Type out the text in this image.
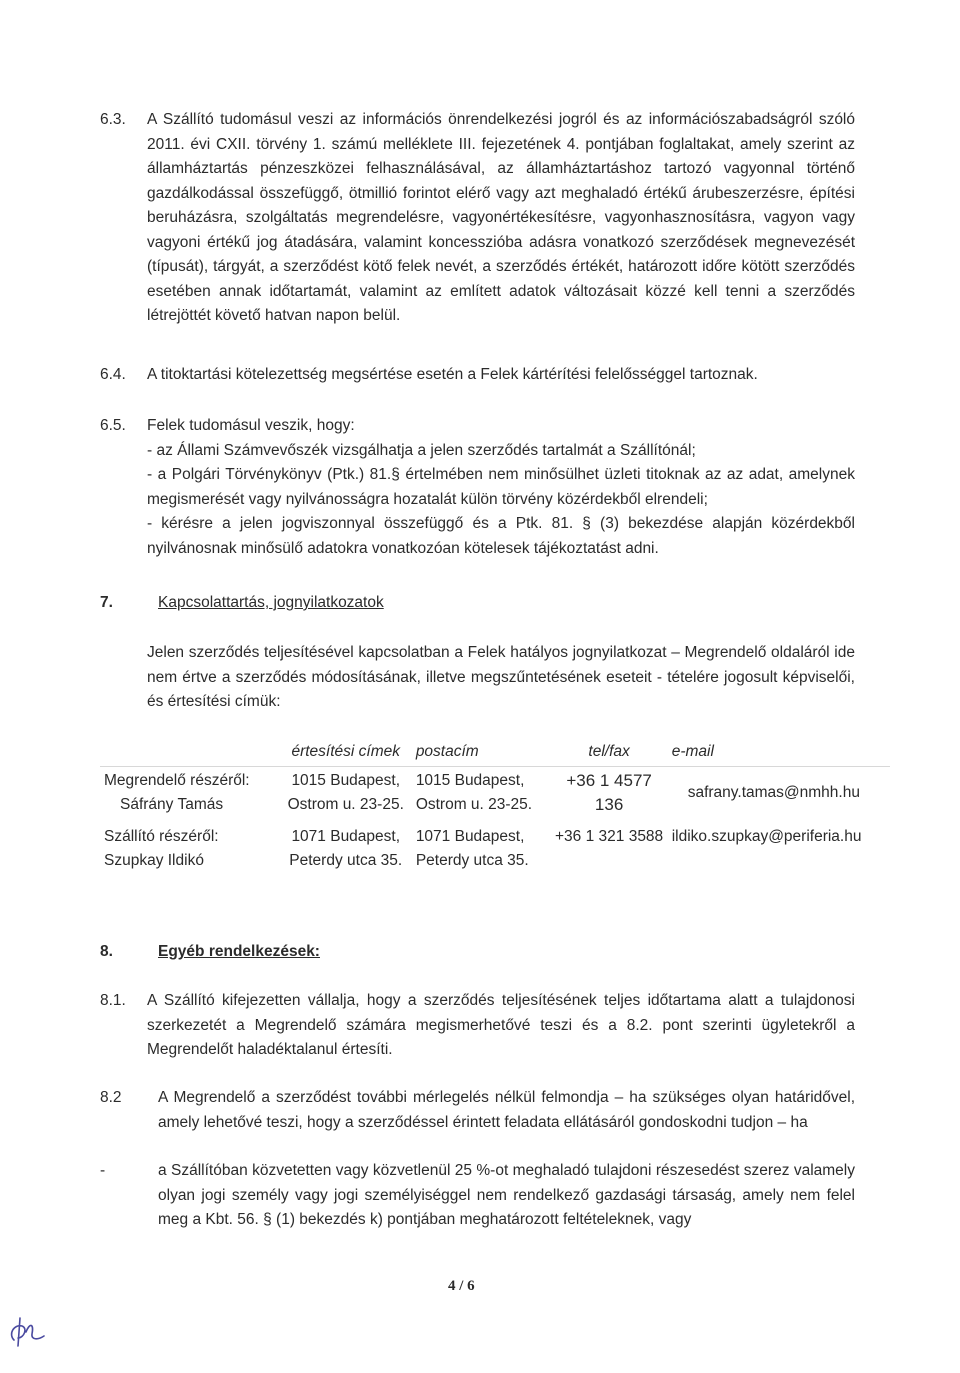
6.3. A Szállító tudomásul veszi az információs önrendelkezési jogról és az információszabadságról szóló 2011. évi CXII. törvény 1. számú melléklete III. fejezetének 4. pontjában foglaltakat, amely szerint az államháztartás pénzeszközei felhasználásával, az államháztartáshoz tartozó vagyonnal történő gazdálkodással összefüggő, ötmillió forintot elérő vagy azt meghaladó értékű árubeszerzésre, építési beruházásra, szolgáltatás megrendelésre, vagyonértékesítésre, vagyonhasznosításra, vagyon vagy vagyoni értékű jog átadására, valamint koncesszióba adásra vonatkozó szerződések megnevezését (típusát), tárgyát, a szerződést kötő felek nevét, a szerződés értékét, határozott időre kötött szerződés esetében annak időtartamát, valamint az említett adatok változásait közzé kell tenni a szerződés létrejöttét követő hatvan napon belül.

6.4. A titoktartási kötelezettség megsértése esetén a Felek kártérítési felelősséggel tartoznak.

6.5. Felek tudomásul veszik, hogy:

- az Állami Számvevőszék vizsgálhatja a jelen szerződés tartalmát a Szállítónál;

- a Polgári Törvénykönyv (Ptk.) 81.§ értelmében nem minősülhet üzleti titoknak az az adat, amelynek megismerését vagy nyilvánosságra hozatalát külön törvény közérdekből elrendeli;

- kérésre a jelen jogviszonnyal összefüggő és a Ptk. 81. § (3) bekezdése alapján közérdekből nyilvánosnak minősülő adatokra vonatkozóan kötelesek tájékoztatást adni.

7.	Kapcsolattartás, jognyilatkozatok

Jelen szerződés teljesítésével kapcsolatban a Felek hatályos jognyilatkozat – Megrendelő oldaláról ide nem értve a szerződés módosításának, illetve megszűntetésének eseteit - tételére jogosult képviselői, és értesítési címük:

	értesítési címek	postacím	tel/fax	e-mail

Megrendelő részéről:
Sáfrány Tamás	1015 Budapest, Ostrom u. 23-25.	1015 Budapest, Ostrom u. 23-25.	+36 1 4577 136	safrany.tamas@nmhh.hu

Szállító részéről:
Szupkay Ildikó	1071 Budapest, Peterdy utca 35.	1071 Budapest, Peterdy utca 35.	+36 1 321 3588	ildiko.szupkay@periferia.hu
8.	Egyéb rendelkezések:
8.1. A Szállító kifejezetten vállalja, hogy a szerződés teljesítésének teljes időtartama alatt a tulajdonosi szerkezetét a Megrendelő számára megismerhetővé teszi és a 8.2. pont szerinti ügyletekről a Megrendelőt haladéktalanul értesíti.

8.2 A Megrendelő a szerződést további mérlegelés nélkül felmondja – ha szükséges olyan határidővel, amely lehetővé teszi, hogy a szerződéssel érintett feladata ellátásáról gondoskodni tudjon – ha

-	a Szállítóban közvetetten vagy közvetlenül 25 %-ot meghaladó tulajdoni részesedést szerez valamely olyan jogi személy vagy jogi személyiséggel nem rendelkező gazdasági társaság, amely nem felel meg a Kbt. 56. § (1) bekezdés k) pontjában meghatározott feltételeknek, vagy

4 / 6
